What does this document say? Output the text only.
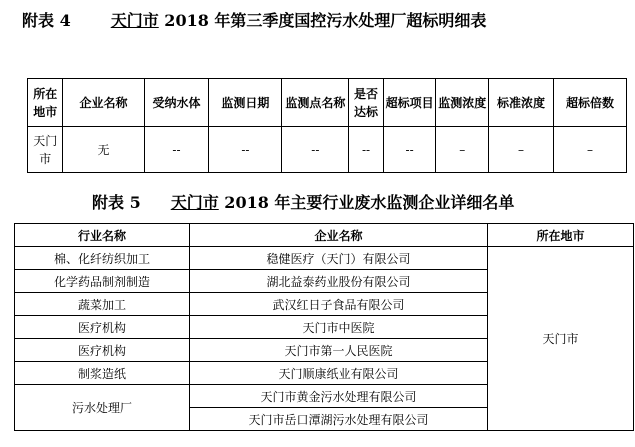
附表 4	天门市 2018 年第三季度国控污水处理厂超标明细表
所在地市	企业名称	受纳水体	监测日期	监测点名称	是否达标	超标项目	监测浓度	标准浓度	超标倍数
天门市	无	--	--	--	--	--	–	–	–
附表 5 天门市 2018 年主要行业废水监测企业详细名单
行业名称	企业名称	所在地市
棉、化纤纺织加工	稳健医疗（天门）有限公司	天门市
化学药品制剂制造	湖北益泰药业股份有限公司	
蔬菜加工	武汉红日子食品有限公司	
医疗机构	天门市中医院	
医疗机构	天门市第一人民医院	
制浆造纸	天门顺康纸业有限公司	
污水处理厂	天门市黄金污水处理有限公司	
	天门市岳口潭湖污水处理有限公司	
